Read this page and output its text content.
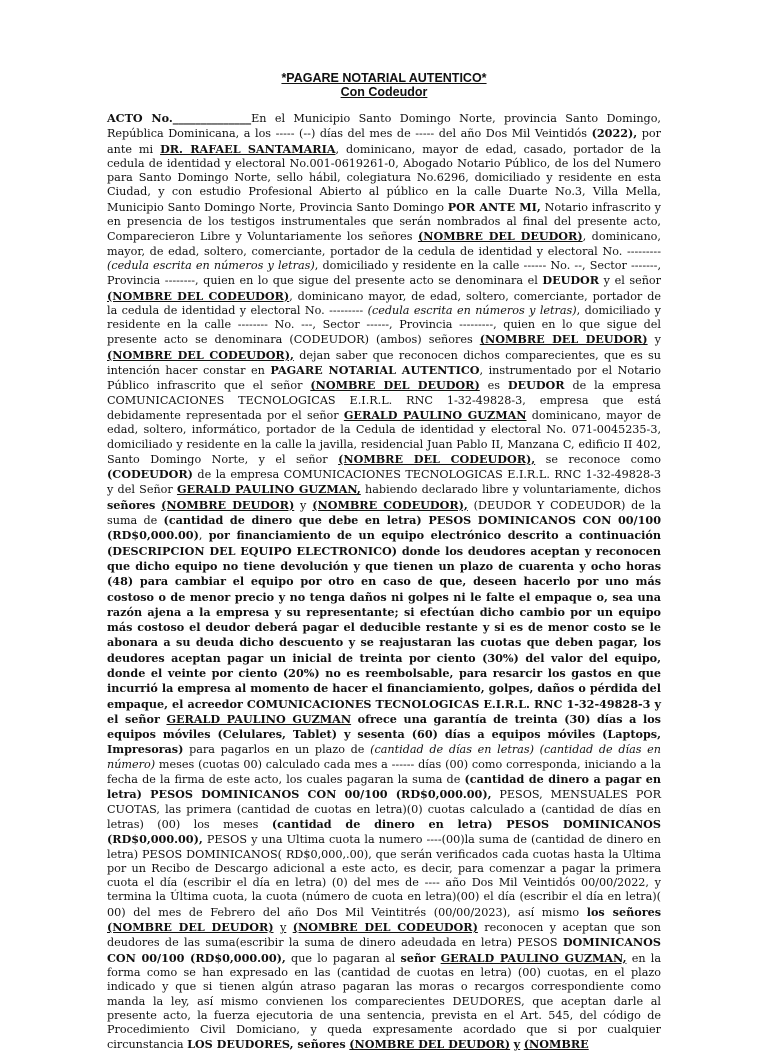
*PAGARE NOTARIAL AUTENTICO*
Con Codeudor
ACTO No.______________En el Municipio Santo Domingo Norte, provincia Santo Domingo, República Dominicana, a los ----- (--) días del mes de ----- del año Dos Mil Veintidós (2022), por ante mi DR. RAFAEL SANTAMARIA, dominicano, mayor de edad, casado, portador de la cedula de identidad y electoral No.001-0619261-0, Abogado Notario Público, de los del Numero para Santo Domingo Norte, sello hábil, colegiatura No.6296, domiciliado y residente en esta Ciudad, y con estudio Profesional Abierto al público en la calle Duarte No.3, Villa Mella, Municipio Santo Domingo Norte, Provincia Santo Domingo POR ANTE MI, Notario infrascrito y en presencia de los testigos instrumentales que serán nombrados al final del presente acto, Comparecieron Libre y Voluntariamente los señores (NOMBRE DEL DEUDOR), dominicano, mayor, de edad, soltero, comerciante, portador de la cedula de identidad y electoral No. --------- (cedula escrita en números y letras), domiciliado y residente en la calle ------ No. --, Sector -------, Provincia --------, quien en lo que sigue del presente acto se denominara el DEUDOR y el señor (NOMBRE DEL CODEUDOR), dominicano mayor, de edad, soltero, comerciante, portador de la cedula de identidad y electoral No. --------- (cedula escrita en números y letras), domiciliado y residente en la calle -------- No. ---, Sector ------, Provincia ---------, quien en lo que sigue del presente acto se denominara (CODEUDOR) (ambos) señores (NOMBRE DEL DEUDOR) y (NOMBRE DEL CODEUDOR), dejan saber que reconocen dichos comparecientes, que es su intención hacer constar en PAGARE NOTARIAL AUTENTICO, instrumentado por el Notario Público infrascrito que el señor (NOMBRE DEL DEUDOR) es DEUDOR de la empresa COMUNICACIONES TECNOLOGICAS E.I.R.L. RNC 1-32-49828-3, empresa que está debidamente representada por el señor GERALD PAULINO GUZMAN dominicano, mayor de edad, soltero, informático, portador de la Cedula de identidad y electoral No. 071-0045235-3, domiciliado y residente en la calle la javilla, residencial Juan Pablo II, Manzana C, edificio II 402, Santo Domingo Norte, y el señor (NOMBRE DEL CODEUDOR), se reconoce como (CODEUDOR) de la empresa COMUNICACIONES TECNOLOGICAS E.I.R.L. RNC 1-32-49828-3 y del Señor GERALD PAULINO GUZMAN, habiendo declarado libre y voluntariamente, dichos señores (NOMBRE DEUDOR) y (NOMBRE CODEUDOR), (DEUDOR Y CODEUDOR) de la suma de (cantidad de dinero que debe en letra) PESOS DOMINICANOS CON 00/100 (RD$0,000.00), por financiamiento de un equipo electrónico descrito a continuación (DESCRIPCION DEL EQUIPO ELECTRONICO) donde los deudores aceptan y reconocen que dicho equipo no tiene devolución y que tienen un plazo de cuarenta y ocho horas (48) para cambiar el equipo por otro en caso de que, deseen hacerlo por uno más costoso o de menor precio y no tenga daños ni golpes ni le falte el empaque o, sea una razón ajena a la empresa y su representante; si efectúan dicho cambio por un equipo más costoso el deudor deberá pagar el deducible restante y si es de menor costo se le abonara a su deuda dicho descuento y se reajustaran las cuotas que deben pagar, los deudores aceptan pagar un inicial de treinta por ciento (30%) del valor del equipo, donde el veinte por ciento (20%) no es reembolsable, para resarcir los gastos en que incurrió la empresa al momento de hacer el financiamiento, golpes, daños o pérdida del empaque, el acreedor COMUNICACIONES TECNOLOGICAS E.I.R.L. RNC 1-32-49828-3 y el señor GERALD PAULINO GUZMAN ofrece una garantía de treinta (30) días a los equipos móviles (Celulares, Tablet) y sesenta (60) días a equipos móviles (Laptops, Impresoras) para pagarlos en un plazo de (cantidad de días en letras) (cantidad de días en número) meses (cuotas 00) calculado cada mes a ------ días (00) como corresponda, iniciando a la fecha de la firma de este acto, los cuales pagaran la suma de (cantidad de dinero a pagar en letra) PESOS DOMINICANOS CON 00/100 (RD$0,000.00), PESOS, MENSUALES POR CUOTAS, las primera (cantidad de cuotas en letra)(0) cuotas calculado a (cantidad de días en letras) (00) los meses (cantidad de dinero en letra) PESOS DOMINICANOS (RD$0,000.00), PESOS y una Ultima cuota la numero ----(00)la suma de (cantidad de dinero en letra) PESOS DOMINICANOS( RD$0,000,.00), que serán verificados cada cuotas hasta la Ultima por un Recibo de Descargo adicional a este acto, es decir, para comenzar a pagar la primera cuota el día (escribir el día en letra) (0) del mes de ---- año Dos Mil Veintidós 00/00/2022, y termina la Última cuota, la cuota (número de cuota en letra)(00) el día (escribir el día en letra)( 00) del mes de Febrero del año Dos Mil Veintitrés (00/00/2023), así mismo los señores (NOMBRE DEL DEUDOR) y (NOMBRE DEL CODEUDOR) reconocen y aceptan que son deudores de las suma(escribir la suma de dinero adeudada en letra) PESOS DOMINICANOS CON 00/100 (RD$0,000.00), que lo pagaran al señor GERALD PAULINO GUZMAN, en la forma como se han expresado en las (cantidad de cuotas en letra) (00) cuotas, en el plazo indicado y que si tienen algún atraso pagaran las moras o recargos correspondiente como manda la ley, así mismo convienen los comparecientes DEUDORES, que aceptan darle al presente acto, la fuerza ejecutoria de una sentencia, prevista en el Art. 545, del código de Procedimiento Civil Domiciano, y queda expresamente acordado que si por cualquier circunstancia LOS DEUDORES, señores (NOMBRE DEL DEUDOR) y (NOMBRE
